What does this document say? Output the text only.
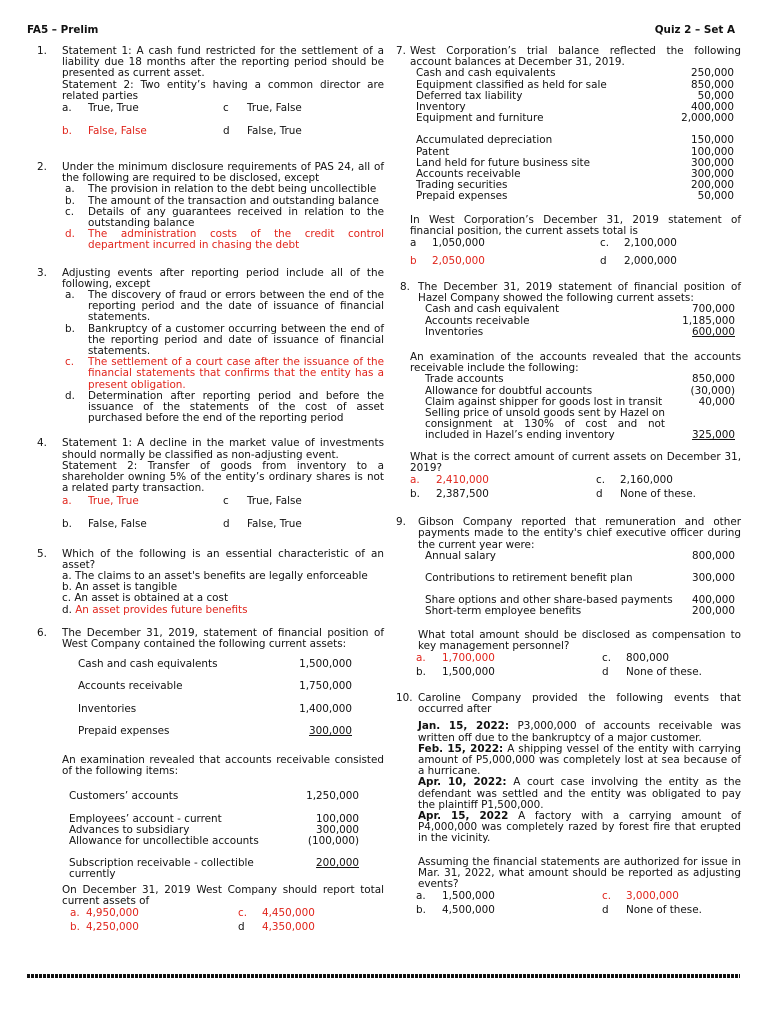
FA5 – Prelim	Quiz 2 – Set A
1. Statement 1: A cash fund restricted for the settlement of a liability due 18 months after the reporting period should be presented as current asset.

Statement 2: Two entity’s having a common director are related parties

a.	True, True	c	True, False
b.	False, False	d	False, True
2. Under the minimum disclosure requirements of PAS 24, all of the following are required to be disclosed, except

a. The provision in relation to the debt being uncollectible
b. The amount of the transaction and outstanding balance
c. Details of any guarantees received in relation to the outstanding balance
d. The administration costs of the credit control department incurred in chasing the debt
3. Adjusting events after reporting period include all of the following, except

a. The discovery of fraud or errors between the end of the reporting period and the date of issuance of financial statements.
b. Bankruptcy of a customer occurring between the end of the reporting period and date of issuance of financial statements.
c. The settlement of a court case after the issuance of the financial statements that confirms that the entity has a present obligation.
d. Determination after reporting period and before the issuance of the statements of the cost of asset purchased before the end of the reporting period
4. Statement 1: A decline in the market value of investments should normally be classified as non-adjusting event.

Statement 2: Transfer of goods from inventory to a shareholder owning 5% of the entity’s ordinary shares is not a related party transaction.

a.	True, True	c	True, False
b.	False, False	d	False, True
5. Which of the following is an essential characteristic of an asset?

a. The claims to an asset's benefits are legally enforceable
b. An asset is tangible
c. An asset is obtained at a cost
d. An asset provides future benefits
6. The December 31, 2019, statement of financial position of West Company contained the following current assets:

Cash and cash equivalents	1,500,000
Accounts receivable	1,750,000
Inventories	1,400,000
Prepaid expenses	300,000

An examination revealed that accounts receivable consisted of the following items:

Customers’ accounts	1,250,000
Employees’ account - current	100,000
Advances to subsidiary	300,000
Allowance for uncollectible accounts	(100,000)
Subscription receivable - collectible currently	200,000

On December 31, 2019 West Company should report total current assets of

a. 4,950,000	c.	4,450,000
b. 4,250,000	d	4,350,000
7. West Corporation’s trial balance reflected the following account balances at December 31, 2019.

Cash and cash equivalents	250,000
Equipment classified as held for sale	850,000
Deferred tax liability	50,000
Inventory	400,000
Equipment and furniture	2,000,000
Accumulated depreciation	150,000
Patent	100,000
Land held for future business site	300,000
Accounts receivable	300,000
Trading securities	200,000
Prepaid expenses	50,000

In West Corporation’s December 31, 2019 statement of financial position, the current assets total is

a	1,050,000	c.	2,100,000
b	2,050,000	d	2,000,000
8. The December 31, 2019 statement of financial position of Hazel Company showed the following current assets:

Cash and cash equivalent	700,000
Accounts receivable	1,185,000
Inventories	600,000

An examination of the accounts revealed that the accounts receivable include the following:

Trade accounts	850,000
Allowance for doubtful accounts	(30,000)
Claim against shipper for goods lost in transit	40,000
Selling price of unsold goods sent by Hazel on consignment at 130% of cost and not included in Hazel’s ending inventory	325,000

What is the correct amount of current assets on December 31, 2019?

a.	2,410,000	c.	2,160,000
b.	2,387,500	d	None of these.
9. Gibson Company reported that remuneration and other payments made to the entity's chief executive officer during the current year were:

Annual salary	800,000
Contributions to retirement benefit plan	300,000
Share options and other share-based payments	400,000
Short-term employee benefits	200,000

What total amount should be disclosed as compensation to key management personnel?

a.	1,700,000	c.	800,000
b.	1,500,000	d	None of these.
10. Caroline Company provided the following events that occurred after

Jan. 15, 2022: P3,000,000 of accounts receivable was written off due to the bankruptcy of a major customer.

Feb. 15, 2022: A shipping vessel of the entity with carrying amount of P5,000,000 was completely lost at sea because of a hurricane.

Apr. 10, 2022: A court case involving the entity as the defendant was settled and the entity was obligated to pay the plaintiff P1,500,000.

Apr. 15, 2022 A factory with a carrying amount of P4,000,000 was completely razed by forest fire that erupted in the vicinity.

Assuming the financial statements are authorized for issue in Mar. 31, 2022, what amount should be reported as adjusting events?

a.	1,500,000	c.	3,000,000
b.	4,500,000	d	None of these.
